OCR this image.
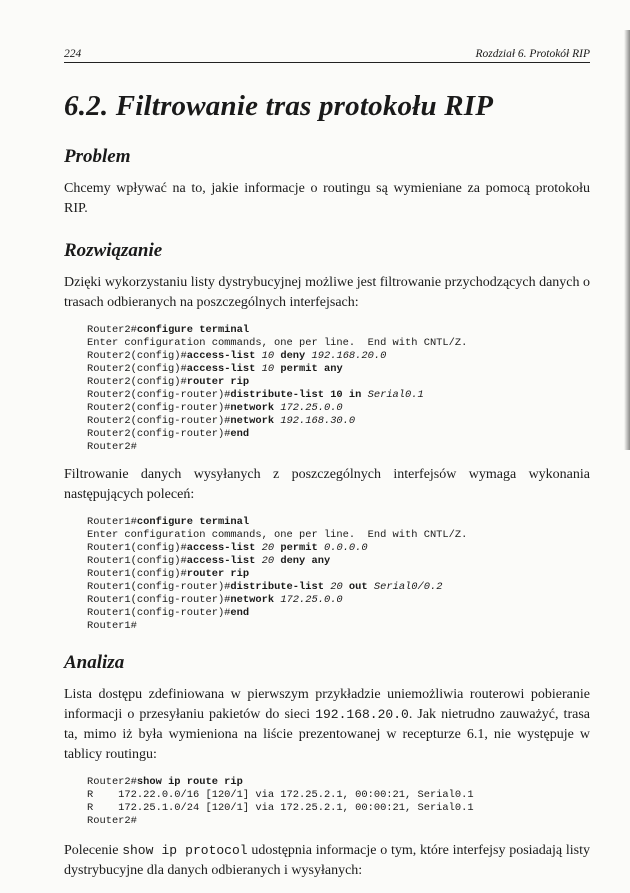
224	Rozdział 6. Protokół RIP
6.2. Filtrowanie tras protokołu RIP
Problem

Chcemy wpływać na to, jakie informacje o routingu są wymieniane za pomocą protokołu RIP.

Rozwiązanie

Dzięki wykorzystaniu listy dystrybucyjnej możliwe jest filtrowanie przychodzących danych o trasach odbieranych na poszczególnych interfejsach:

Router2#configure terminal
Enter configuration commands, one per line.  End with CNTL/Z.
Router2(config)#access-list 10 deny 192.168.20.0
Router2(config)#access-list 10 permit any
Router2(config)#router rip
Router2(config-router)#distribute-list 10 in Serial0.1
Router2(config-router)#network 172.25.0.0
Router2(config-router)#network 192.168.30.0
Router2(config-router)#end
Router2#

Filtrowanie danych wysyłanych z poszczególnych interfejsów wymaga wykonania następujących poleceń:

Router1#configure terminal
Enter configuration commands, one per line.  End with CNTL/Z.
Router1(config)#access-list 20 permit 0.0.0.0
Router1(config)#access-list 20 deny any
Router1(config)#router rip
Router1(config-router)#distribute-list 20 out Serial0/0.2
Router1(config-router)#network 172.25.0.0
Router1(config-router)#end
Router1#
Analiza

Lista dostępu zdefiniowana w pierwszym przykładzie uniemożliwia routerowi pobieranie informacji o przesyłaniu pakietów do sieci 192.168.20.0. Jak nietrudno zauważyć, trasa ta, mimo iż była wymieniona na liście prezentowanej w recepturze 6.1, nie występuje w tablicy routingu:

Router2#show ip route rip
R    172.22.0.0/16 [120/1] via 172.25.2.1, 00:00:21, Serial0.1
R    172.25.1.0/24 [120/1] via 172.25.2.1, 00:00:21, Serial0.1
Router2#

Polecenie show ip protocol udostępnia informacje o tym, które interfejsy posiadają listy dystrybucyjne dla danych odbieranych i wysyłanych:
